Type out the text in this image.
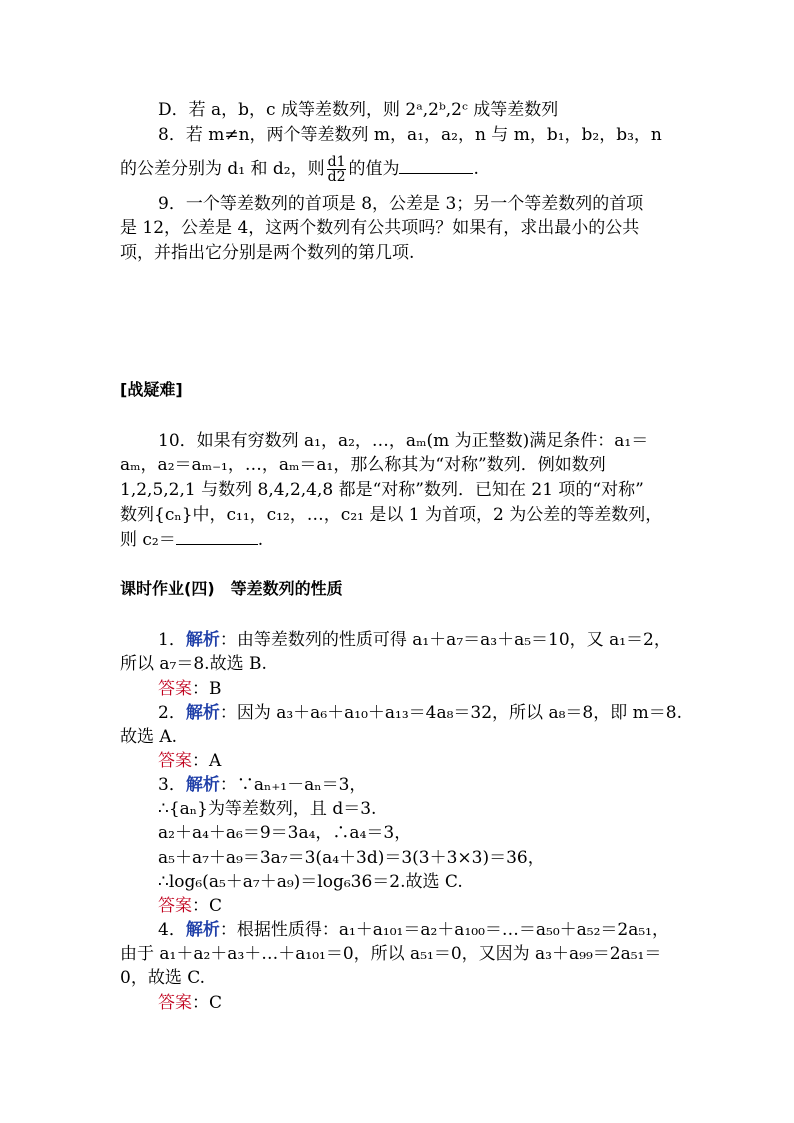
D．若 a，b，c 成等差数列，则 2ᵃ,2ᵇ,2ᶜ 成等差数列
8．若 m≠n，两个等差数列 m，a₁，a₂，n 与 m，b₁，b₂，b₃，n
的公差分别为 d₁ 和 d₂，则 $\frac{d1}{d2}$ 的值为	.
9．一个等差数列的首项是 8，公差是 3；另一个等差数列的首项
是 12，公差是 4，这两个数列有公共项吗？如果有，求出最小的公共
项，并指出它分别是两个数列的第几项.
[战疑难]
10．如果有穷数列 a₁，a₂，…，aₘ(m 为正整数)满足条件：a₁＝
aₘ，a₂＝aₘ₋₁，…，aₘ＝a₁，那么称其为“对称”数列．例如数列
1,2,5,2,1 与数列 8,4,2,4,8 都是“对称”数列．已知在 21 项的“对称”
数列{cₙ}中，c₁₁，c₁₂，…，c₂₁ 是以 1 为首项，2 为公差的等差数列，
则 c₂＝	.
课时作业(四)　等差数列的性质
1．解析：由等差数列的性质可得 a₁＋a₇＝a₃＋a₅＝10，又 a₁＝2，
所以 a₇＝8.故选 B.
答案：B
2．解析：因为 a₃＋a₆＋a₁₀＋a₁₃＝4a₈＝32，所以 a₈＝8，即 m＝8.
故选 A.
答案：A
3．解析：∵aₙ₊₁－aₙ＝3，
∴{aₙ}为等差数列，且 d＝3.
a₂＋a₄＋a₆＝9＝3a₄，∴a₄＝3，
a₅＋a₇＋a₉＝3a₇＝3(a₄＋3d)＝3(3＋3×3)＝36，
∴log₆(a₅＋a₇＋a₉)＝log₆36＝2.故选 C.
答案：C
4．解析：根据性质得：a₁＋a₁₀₁＝a₂＋a₁₀₀＝…＝a₅₀＋a₅₂＝2a₅₁，
由于 a₁＋a₂＋a₃＋…＋a₁₀₁＝0，所以 a₅₁＝0，又因为 a₃＋a₉₉＝2a₅₁＝
0，故选 C.
答案：C
